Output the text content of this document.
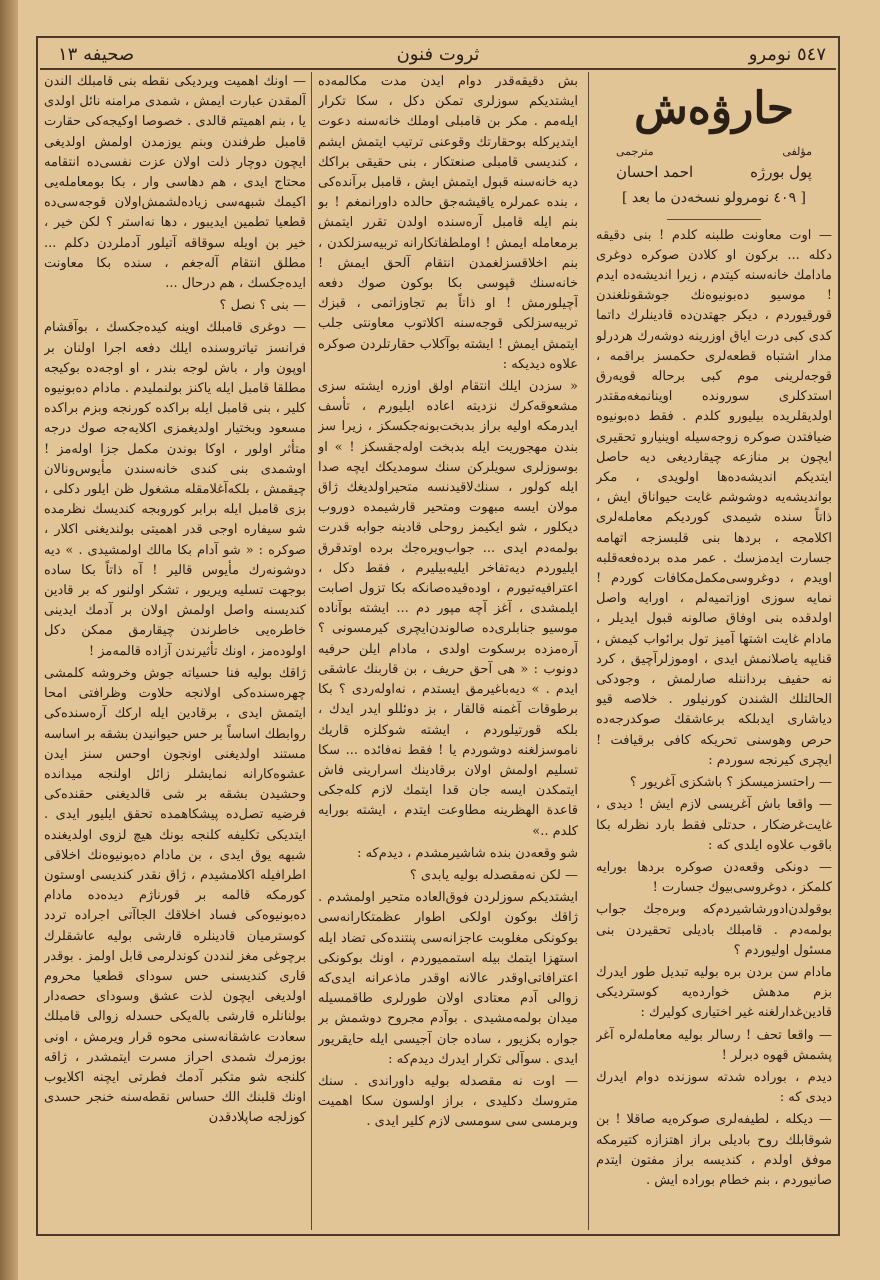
٥٤٧ نومرو
ثروت فنون
صحيفه ١٣
حارۋەش
مؤلفی
مترجمی
پول بورژه
احمد احسان
[ ٤٠٩ نومرولو نسخه‌دن ما بعد ]

— اوت معاونت طلبنه كلدم ! بنی دقيقه دكله ... بركون او كلادن صوكره دوغری مادامك خانه‌سنه كيتدم ، زيرا انديشه‌ده ايدم ! موسيو ده‌بونيوه‌نك جوشقونلغندن قورقيوردم ، ديكر جهتدن‌ده قادينلرك داتما كدى كبى درت اياق اوزرينه دوشه‌رك هردرلو مدار اشتباه قطعه‌لرى حكمسز براقمه ، قوجه‌لرينى موم كبى برحاله قويه‌رق استدكلرى سورونده اوينانمغه‌مقتدر اولديقلريده بيليورو كلدم . فقط ده‌بونيوه ضيافتدن صوكره زوجه‌سيله اوينيارو تحقيرى ايچون بر منازعه چيقارديغى ديه حاصل ايتديكم انديشه‌ده‌ها اولويدى ، مكر بوانديشه‌يه دوشوشم غايت حيواناق ايش ، ذاتاً سنده شيمدى كورديكم معامله‌لرى اكلامجه ، بردها بنى قلبسزجه اتهامه جسارت ايدمزسك . عمر مده برده‌فعه‌قلبه اويدم ، دوغروسى‌مكمل‌مكافات كوردم ! نمايه سوزى اوزاتميه‌لم ، اورايه واصل اولدقده بنى اوفاق صالونه قبول ايديلر ، مادام غايت اشتها آميز تول برائواب كيمش ، قنايپه ياصلانمش ايدى ، اوموزلرآچيق ، كرد نه حفيف برداننله صارلمش ، وجودكى الحالتلك الشندن كورنيلور . خلاصه قيو دياشارى ايدبلكه برعاشقك صوكدرجه‌ده حرص وهوسنى تحريكه كافى برقيافت ! ايچرى كيرنجه سوردم :

— راحتسزميسكز ؟ باشكزى آغريور ؟

— واقعا باش آغريسى لازم ايش ! ديدى ، غايت‌غرضكار ، حدتلى فقط بارد نظرله بكا باقوب علاوه ايلدى كه :

— دونكى وقعه‌دن صوكره بردها بورايه كلمكز ، دوغروسى‌بيوك جسارت !

بوقولدن‌ادورشاشيردم‌كه وبره‌جك جواب بولمه‌دم . قامبلك باديلى تحقيردن بنى مسئول اوليوردم ؟

مادام سن بردن بره بوليه تبديل طور ايدرك بزم مدهش خوارده‌يه كوسترديكى قادين‌غدارلغنه غير اختيارى كوليرك :

— واقعا تحف ! رسالر بوليه معامله‌لره آغر پشمش قهوه دبرلر !

ديدم ، بوراده شدته سوزنده دوام ايدرك ديدى كه :

— ديكله ، لطيفه‌لرى صوكره‌يه صاقلا ! بن شوقابلك روح باديلى براز اهتزازه كتيرمكه موفق اولدم ، كنديسه براز مفتون ايتدم صانيوردم ، بنم خطام بوراده ايش .

بش دقيقه‌قدر دوام ايدن مدت مكالمه‌ده ايشتديكم سوزلرى تمكن دكل ، سكا تكرار ايله‌مم . مكر بن قامبلى اوملك خانه‌سنه دعوت ايتديركله بوحقارتك وقوعنى ترتيب ايتمش ايشم ، كنديسى قامبلى صنعتكار ، بنى حقيقى براكك ديه خانه‌سنه قبول ايتمش ايش ، قامبل برآنده‌كى ، بنده عمرلره ياقيشه‌جق حالده داورانمغم ! بو بنم ايله قامبل آره‌سنده اولدن تقرر ايتمش برمعامله ايمش ! اوملطفاتكارانه تربيه‌سزلكدن ، بنم اخلاقسزلغمدن انتقام آلحق ايمش ! خانه‌سنك قپوسى بكا بوكون صوك دفعه آچيلورمش ! او ذاتاً بم تجاوزاتمى ، قبزك تربيه‌سزلكى قوجه‌سنه اكلاتوب معاونتى جلب ايتمش ايمش ! ايشته بوآكلاب حقارتلردن صوكره علاوه ديديكه :

« سزدن ايلك انتقام اولق اوزره ايشته سزى مشعوقه‌كرك نزديته اعاده ايليورم ، تأسف ايدرمكه اوليه براز بدبخت‌بونه‌جكسكز ، زيرا سز بندن مهجوريت ايله بدبخت اوله‌جقسكز ! » او بوسوزلرى سويلركن سنك سومديكك ايچه صدا ايله كولور ، سنك‌لاقيدنسه متحيراولديغك ژاق مولان ايسه مبهوت ومتحير قارشيمده دوروب ديكلور ، شو ايكيمز روحلى قادينه جوابه قدرت بولمه‌دم ايدى ... جواب‌ويره‌جك برده اوتدقرق ايليوردم ديه‌تفاخر ايليه‌بيليرم ، فقط دكل ، اعترافيه‌تيورم ، اوده‌قيده‌صانكه بكا تزول اصابت ايلمشدى ، آغز آچه مپور دم ... ايشته بوآناده موسيو جنابلرى‌ده صالوندن‌ايچرى كيرمسونى ؟ آره‌مزده برسكوت اولدى ، مادام ايلن حرفيه دونوب : « هى آحق حريف ، بن قاربنك عاشقى ايدم . » ديه‌باغيرمق ايستدم ، نه‌اوله‌ردى ؟ بكا برطوقات آغمنه قالقار ، بز دوئللو ايدر ايدك ، بلكه قورتيلوردم ، ايشته شوكلزه قاريك ناموسزلغنه دوشوردم يا ! فقط نه‌فائده ... سكا تسليم اولمش اولان برقادينك اسرارينى فاش ايتمكدن ايسه جان قدا ايتمك لازم كله‌جكى قاعدة الهظرينه مطاوعت ايتدم ، ايشته بورايه كلدم ..»

شو وقعه‌دن بنده شاشيرمشدم ، ديدم‌كه :

— لكن نه‌مقصدله بوليه يابدى ؟

ايشتديكم سوزلردن فوق‌العاده متحير اولمشدم . ژاقك بوكون اولكى اطوار عظمتكارانه‌سى بوكونكى مغلوبت عاجزانه‌سى پنتنده‌كى تضاد ايله استهزا ايتمك بيله استمميوردم ، اونك بوكونكى اعترافاتى‌اوقدر عالانه اوقدر ماذعرانه ايدى‌كه زوالى آدم معتادى اولان طورلرى طاقمسيله ميدان بولمه‌مشيدى . بوآدم مجروح دوشمش بر جواره بكزيور ، ساده جان آجيسى ايله حايقريور ايدى . سوآلى تكرار ايدرك ديدم‌كه :

— اوت نه مقصدله بوليه داوراندى . سنك متروسك دكليدى ، براز اولسون سكا اهميت وبرمسى سى سومسى لازم كلير ايدى .

— اونك اهميت ويرديكى نقطه بنى قامبلك الندن آلمقدن عبارت ايمش ، شمدى مرامنه نائل اولدى يا ، بنم اهميتم قالدى . خصوصا اوكيجه‌كى حقارت قامبل طرفندن وبنم يوزمدن اولمش اولديغى ايچون دوچار ذلت اولان عزت نفسى‌ده انتقامه محتاج ايدى ، هم دهاسى وار ، بكا بومعامله‌يى اكيمك شبهه‌سى زياده‌لشمش‌اولان قوجه‌سى‌ده قطعيا تطمين ايديبور ، دها نه‌استر ؟ لكن خير ، خير بن اويله سوقاقه آتيلور آدملردن دكلم ... مطلق انتقام آله‌جغم ، سنده بكا معاونت ايده‌جكسك ، هم درحال ...

— بنى ؟ نصل ؟

— دوغرى قامبلك اوينه كيده‌جكسك ، بوآقشام فرانسز تياتروسنده ايلك دفعه اجرا اولنان بر اوپون وار ، باش لوجه بندر ، او اوجه‌ده بوكيجه مطلقا قامبل ايله ياكنز بولنمليدم . مادام ده‌بونيوه كلير ، بنى قامبل ايله براكده كورنجه وبزم براكده مسعود وبختيار اولديغمزى اكلايه‌جه صوك درجه متأثر اولور ، اوكا بوندن مكمل جزا اولەمز ! اوشمدى بنى كندى خانه‌سندن مأيوس‌ونالان چيقمش ، بلكه‌آغلامقله مشغول ظن ايلور دكلى ، بزى قامبل ايله برابر كوروبجه كنديسك نظرمده شو سيفاره اوجى قدر اهميتى بولنديغنى اكلار ، صوكره : « شو آدام بكا مالك اولمشيدى . » ديه دوشونه‌رك مأيوس قالير ! آه ذاتاً بكا ساده بوجهت تسليه ويريور ، تشكر اولنور كه بر قادين كنديسنه واصل اولمش اولان بر آدمك ايدينى خاطره‌يى خاطرندن چيقارمق ممكن دكل اولوده‌مز ، اونك تأثيرندن آزاده قالمەمز !

ژاقك بوليه فنا حسياته جوش وخروشه كلمشى چهره‌سنده‌كى اولانجه حلاوت وظرافتى امحا ايتمش ايدى ، برقادين ايله اركك آره‌سنده‌كى روابطك اساساً بر حس حيوانيدن بشقه بر اساسه مستند اولديغنى اونجون اوحس سنز ايدن عشوه‌كارانه نمايشلر زائل اولنجه ميدانده وحشيدن بشقه بر شى قالديغنى حقنده‌كى فرضيه تصل‌ده پيشكاهمده تحقق ايليور ايدى . ايتديكى تكليفه كلنجه بونك هيچ لزوى اولديغنده شبهه يوق ايدى ، بن مادام ده‌بونيوه‌نك اخلاقى اطرافيله اكلامشيدم ، ژاق نقدر كنديسى اوستون كورمكه قالمه بر قورناژم ديده‌ده مادام ده‌بونيوه‌كى فساد اخلاقك الجاآتى اجراده تردد كوسترميان قادينلره قارشى بوليه عاشقلرك برچوغى مغز لنددن كوندلرمى قابل اولمز . بوقدر قارى كنديسنى حس سوداى قطعيا محروم اولديغى ايچون لذت عشق وسوداى حصه‌دار بولنانلره قارشى بالەيكى حسدله زوالى قامبلك سعادت عاشقانه‌سنى محوه قرار ويرمش ، اونى بوزمرك شمدى احراز مسرت ايتمشدر ، ژاقه كلنجه شو متكبر آدمك فطرتى ايچنه اكلايوب اونك قلبنك الك حساس نقطه‌سنه خنجر حسدى كوزلجه صاپلادقدن
